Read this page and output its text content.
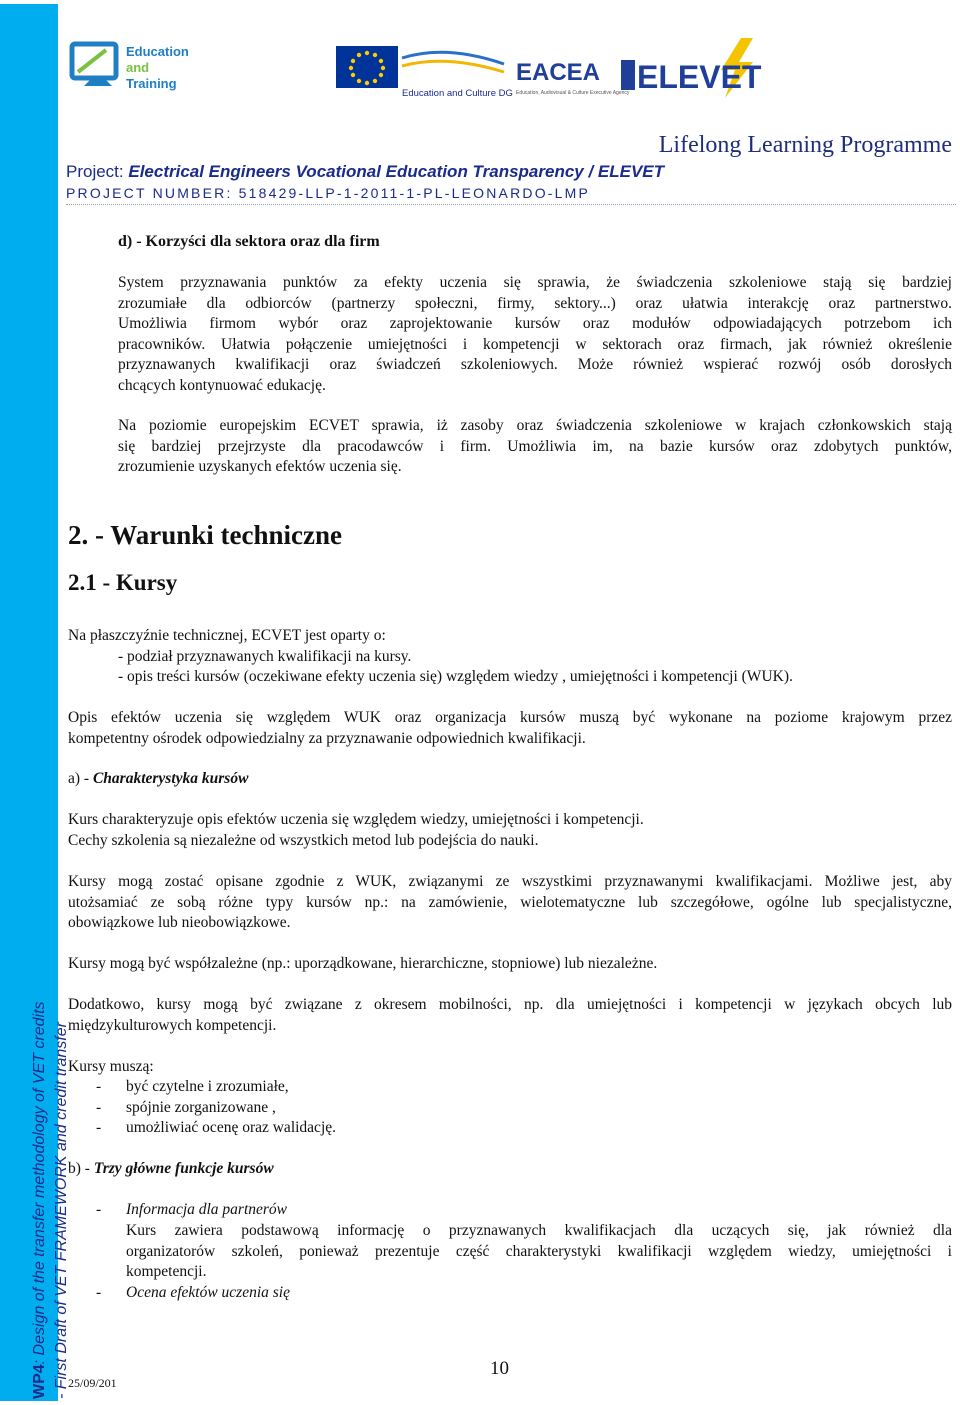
WP4: Design of the transfer methodology of VET credits - First Draft of VET FRAMEWORK and credit transfer
Education
and
Training
Education and Culture DG
EACEA
Education, Audiovisual & Culture Executive Agency ELEVET
Lifelong Learning Programme
Project: Electrical Engineers Vocational Education Transparency / ELEVET
PROJECT NUMBER: 518429-LLP-1-2011-1-PL-LEONARDO-LMP
d) - Korzyści dla sektora oraz dla firm
System przyznawania punktów za efekty uczenia się sprawia, że świadczenia szkoleniowe stają się bardziej
zrozumiałe dla odbiorców (partnerzy społeczni, firmy, sektory...) oraz ułatwia interakcję oraz partnerstwo.
Umożliwia firmom wybór oraz zaprojektowanie kursów oraz modułów odpowiadających potrzebom ich
pracowników. Ułatwia połączenie umiejętności i kompetencji w sektorach oraz firmach, jak również określenie
przyznawanych kwalifikacji oraz świadczeń szkoleniowych. Może również wspierać rozwój osób dorosłych
chcących kontynuować edukację.
Na poziomie europejskim ECVET sprawia, iż zasoby oraz świadczenia szkoleniowe w krajach członkowskich stają
się bardziej przejrzyste dla pracodawców i firm. Umożliwia im, na bazie kursów oraz zdobytych punktów,
zrozumienie uzyskanych efektów uczenia się.
2. - Warunki techniczne
2.1 - Kursy
Na płaszczyźnie technicznej, ECVET jest oparty o:
- podział przyznawanych kwalifikacji na kursy.
- opis treści kursów (oczekiwane efekty uczenia się) względem wiedzy , umiejętności i kompetencji (WUK).
Opis efektów uczenia się względem WUK oraz organizacja kursów muszą być wykonane na poziome krajowym przez
kompetentny ośrodek odpowiedzialny za przyznawanie odpowiednich kwalifikacji.
a) - Charakterystyka kursów
Kurs charakteryzuje opis efektów uczenia się względem wiedzy, umiejętności i kompetencji.
Cechy szkolenia są niezależne od wszystkich metod lub podejścia do nauki.
Kursy mogą zostać opisane zgodnie z WUK, związanymi ze wszystkimi przyznawanymi kwalifikacjami. Możliwe jest, aby
utożsamiać ze sobą różne typy kursów np.: na zamówienie, wielotematyczne lub szczegółowe, ogólne lub specjalistyczne,
obowiązkowe lub nieobowiązkowe.
Kursy mogą być współzależne (np.: uporządkowane, hierarchiczne, stopniowe) lub niezależne.
Dodatkowo, kursy mogą być związane z okresem mobilności, np. dla umiejętności i kompetencji w językach obcych lub
międzykulturowych kompetencji.
Kursy muszą:
- być czytelne i zrozumiałe,
- spójnie zorganizowane ,
- umożliwiać ocenę oraz walidację.
b) - Trzy główne funkcje kursów
- Informacja dla partnerów
Kurs zawiera podstawową informację o przyznawanych kwalifikacjach dla uczących się, jak również dla
organizatorów szkoleń, ponieważ prezentuje część charakterystyki kwalifikacji względem wiedzy, umiejętności i
kompetencji.
- Ocena efektów uczenia się
25/09/201
10
